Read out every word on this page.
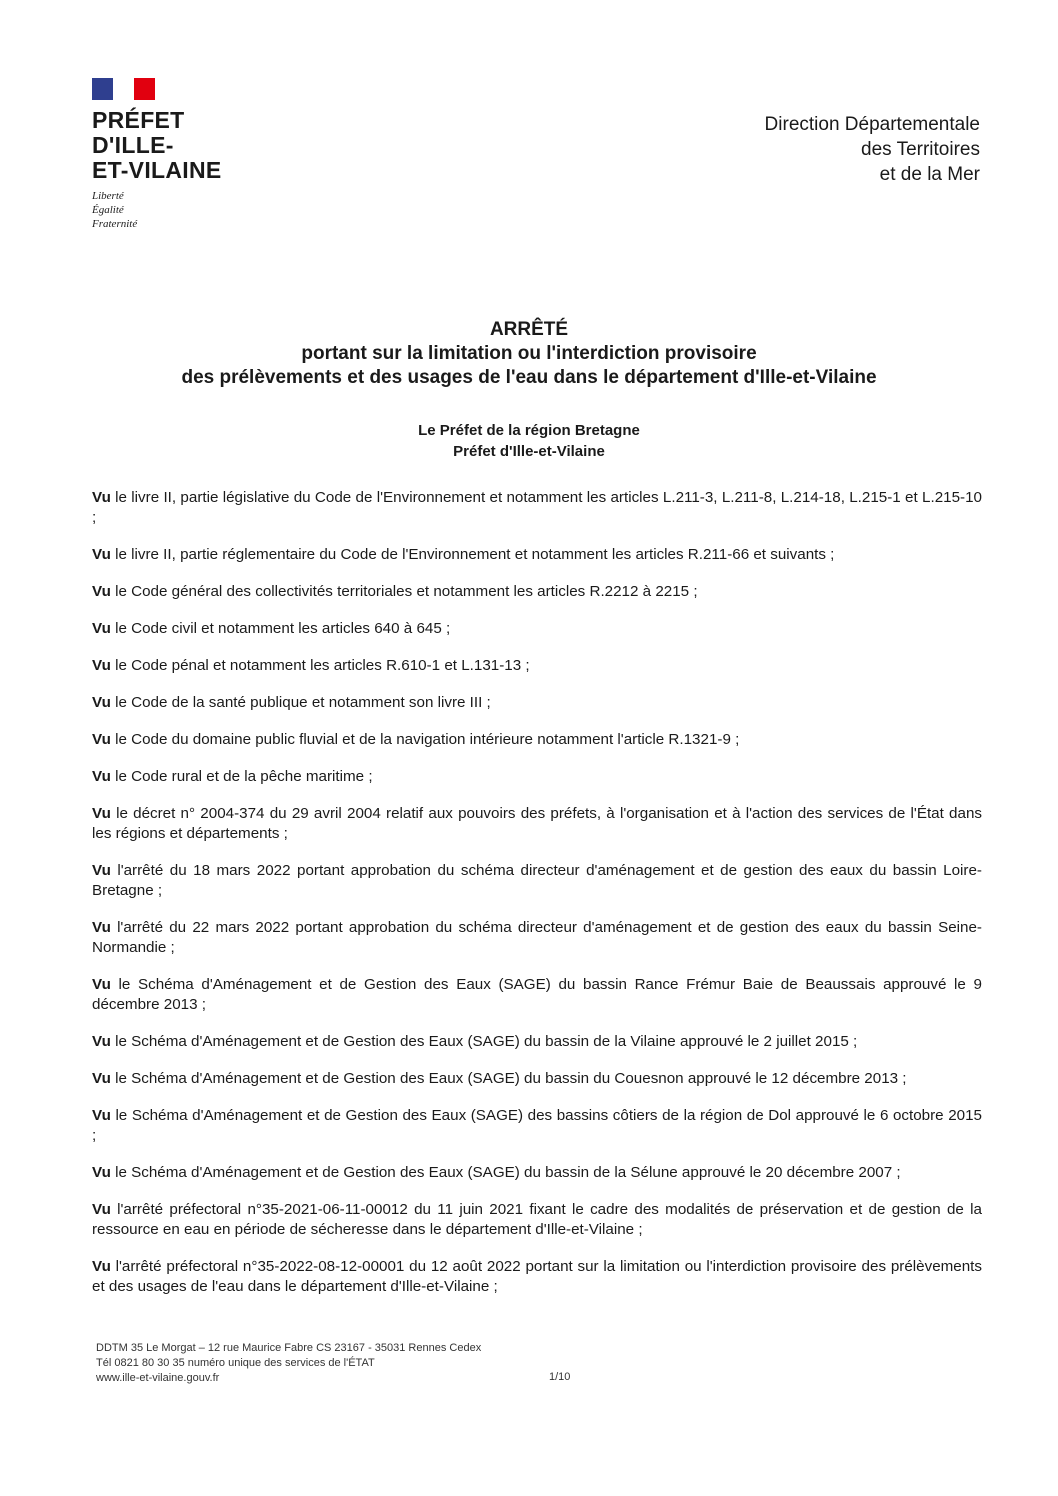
PRÉFET
D'ILLE-
ET-VILAINE
Liberté
Égalité
Fraternité
Direction Départementale
des Territoires
et de la Mer
ARRÊTÉ
portant sur la limitation ou l'interdiction provisoire
des prélèvements et des usages de l'eau dans le département d'Ille-et-Vilaine
Le Préfet de la région Bretagne
Préfet d'Ille-et-Vilaine

Vu le livre II, partie législative du Code de l'Environnement et notamment les articles L.211-3, L.211-8, L.214-18, L.215-1 et L.215-10 ;

Vu le livre II, partie réglementaire du Code de l'Environnement et notamment les articles R.211-66 et suivants ;

Vu le Code général des collectivités territoriales et notamment les articles R.2212 à 2215 ;

Vu le Code civil et notamment les articles 640 à 645 ;

Vu le Code pénal et notamment les articles R.610-1 et L.131-13 ;

Vu le Code de la santé publique et notamment son livre III ;

Vu le Code du domaine public fluvial et de la navigation intérieure notamment l'article R.1321-9 ;

Vu le Code rural et de la pêche maritime ;

Vu le décret n° 2004-374 du 29 avril 2004 relatif aux pouvoirs des préfets, à l'organisation et à l'action des services de l'État dans les régions et départements ;

Vu l'arrêté du 18 mars 2022 portant approbation du schéma directeur d'aménagement et de gestion des eaux du bassin Loire-Bretagne ;

Vu l'arrêté du 22 mars 2022 portant approbation du schéma directeur d'aménagement et de gestion des eaux du bassin Seine-Normandie ;

Vu le Schéma d'Aménagement et de Gestion des Eaux (SAGE) du bassin Rance Frémur Baie de Beaussais approuvé le 9 décembre 2013 ;

Vu le Schéma d'Aménagement et de Gestion des Eaux (SAGE) du bassin de la Vilaine approuvé le 2 juillet 2015 ;

Vu le Schéma d'Aménagement et de Gestion des Eaux (SAGE) du bassin du Couesnon approuvé le 12 décembre 2013 ;

Vu le Schéma d'Aménagement et de Gestion des Eaux (SAGE) des bassins côtiers de la région de Dol approuvé le 6 octobre 2015 ;

Vu le Schéma d'Aménagement et de Gestion des Eaux (SAGE) du bassin de la Sélune approuvé le 20 décembre 2007 ;

Vu l'arrêté préfectoral n°35-2021-06-11-00012 du 11 juin 2021 fixant le cadre des modalités de préservation et de gestion de la ressource en eau en période de sécheresse dans le département d'Ille-et-Vilaine ;

Vu l'arrêté préfectoral n°35-2022-08-12-00001 du 12 août 2022 portant sur la limitation ou l'interdiction provisoire des prélèvements et des usages de l'eau dans le département d'Ille-et-Vilaine ;

DDTM 35 Le Morgat – 12 rue Maurice Fabre CS 23167 - 35031 Rennes Cedex
Tél 0821 80 30 35 numéro unique des services de l'ÉTAT
www.ille-et-vilaine.gouv.fr	1/10
